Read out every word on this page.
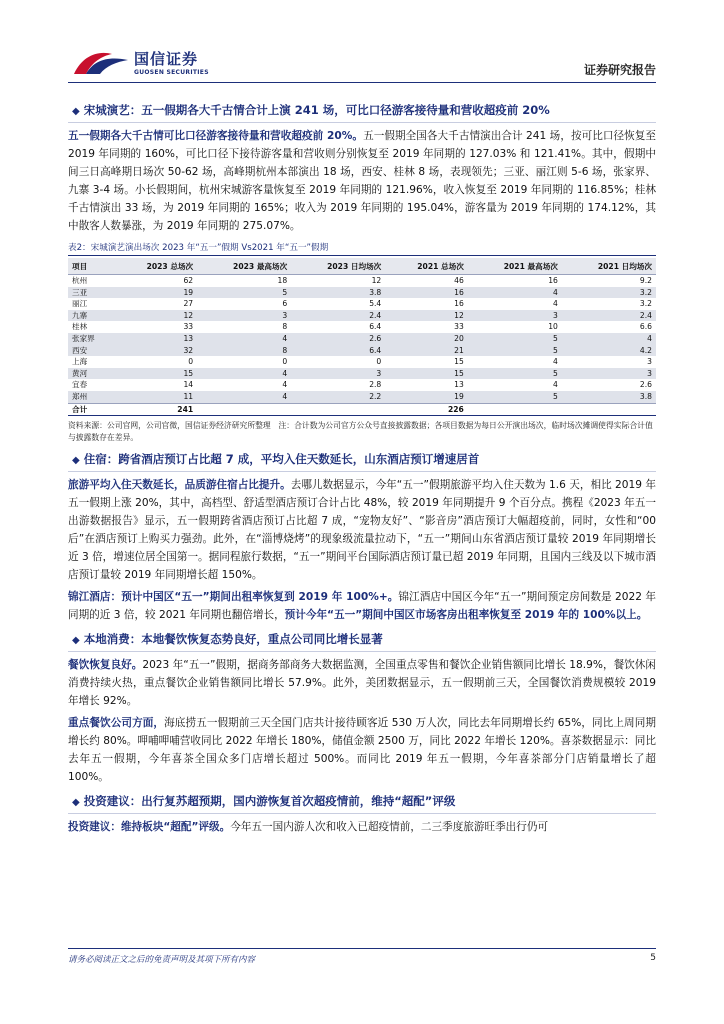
国信证券
GUOSEN SECURITIES	证券研究报告
◆ 宋城演艺：五一假期各大千古情合计上演 241 场，可比口径游客接待量和营收超疫前 20%

五一假期各大千古情可比口径游客接待量和营收超疫前 20%。五一假期全国各大千古情演出合计 241 场，按可比口径恢复至 2019 年同期的 160%，可比口径下接待游客量和营收则分别恢复至 2019 年同期的 127.03% 和 121.41%。其中，假期中间三日高峰期日场次 50-62 场，高峰期杭州本部演出 18 场，西安、桂林 8 场，表现领先；三亚、丽江则 5-6 场，张家界、九寨 3-4 场。小长假期间，杭州宋城游客量恢复至 2019 年同期的 121.96%，收入恢复至 2019 年同期的 116.85%；桂林千古情演出 33 场，为 2019 年同期的 165%；收入为 2019 年同期的 195.04%，游客量为 2019 年同期的 174.12%，其中散客人数暴涨，为 2019 年同期的 275.07%。

表2：宋城演艺演出场次 2023 年“五一”假期 Vs2021 年“五一”假期
项目	2023 总场次	2023 最高场次	2023 日均场次	2021 总场次	2021 最高场次	2021 日均场次
杭州	62	18	12	46	16	9.2
三亚	19	5	3.8	16	4	3.2
丽江	27	6	5.4	16	4	3.2
九寨	12	3	2.4	12	3	2.4
桂林	33	8	6.4	33	10	6.6
张家界	13	4	2.6	20	5	4
西安	32	8	6.4	21	5	4.2
上海	0	0	0	15	4	3
黄河	15	4	3	15	5	3
宜春	14	4	2.8	13	4	2.6
郑州	11	4	2.2	19	5	3.8
合计	241			226		
资料来源：公司官网，公司官微，国信证券经济研究所整理　注：合计数为公司官方公众号直接披露数据；各项目数据为每日公开演出场次，临时场次摊调使得实际合计值与披露数存在差异。
◆ 住宿：跨省酒店预订占比超 7 成，平均入住天数延长，山东酒店预订增速居首

旅游平均入住天数延长，品质游住宿占比提升。去哪儿数据显示，今年“五一”假期旅游平均入住天数为 1.6 天，相比 2019 年五一假期上涨 20%，其中，高档型、舒适型酒店预订合计占比 48%，较 2019 年同期提升 9 个百分点。携程《2023 年五一出游数据报告》显示，五一假期跨省酒店预订占比超 7 成，“宠物友好”、“影音房”酒店预订大幅超疫前，同时，女性和“00 后”在酒店预订上购买力强劲。此外，在“淄博烧烤”的现象级流量拉动下，“五一”期间山东省酒店预订量较 2019 年同期增长近 3 倍，增速位居全国第一。据同程旅行数据，“五一”期间平台国际酒店预订量已超 2019 年同期，且国内三线及以下城市酒店预订量较 2019 年同期增长超 150%。

锦江酒店：预计中国区“五一”期间出租率恢复到 2019 年 100%+。锦江酒店中国区今年“五一”期间预定房间数是 2022 年同期的近 3 倍，较 2021 年同期也翻倍增长，预计今年“五一”期间中国区市场客房出租率恢复至 2019 年的 100%以上。

◆ 本地消费：本地餐饮恢复态势良好，重点公司同比增长显著

餐饮恢复良好。2023 年“五一”假期，据商务部商务大数据监测，全国重点零售和餐饮企业销售额同比增长 18.9%，餐饮休闲消费持续火热，重点餐饮企业销售额同比增长 57.9%。此外，美团数据显示，五一假期前三天，全国餐饮消费规模较 2019 年增长 92%。

重点餐饮公司方面，海底捞五一假期前三天全国门店共计接待顾客近 530 万人次，同比去年同期增长约 65%，同比上周同期增长约 80%。呷哺呷哺营收同比 2022 年增长 180%，储值金额 2500 万，同比 2022 年增长 120%。喜茶数据显示：同比去年五一假期，今年喜茶全国众多门店增长超过 500%。而同比 2019 年五一假期，今年喜茶部分门店销量增长了超 100%。

◆ 投资建议：出行复苏超预期，国内游恢复首次超疫情前，维持“超配”评级

投资建议：维持板块“超配”评级。今年五一国内游人次和收入已超疫情前，二三季度旅游旺季出行仍可

请务必阅读正文之后的免责声明及其项下所有内容	5
